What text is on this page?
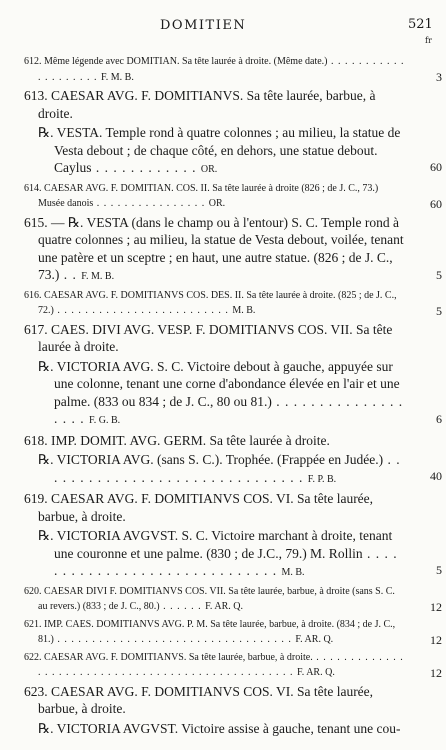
DOMITIEN	521
fr

612. Même légende avec DOMITIAN. Sa tête laurée à droite. (Même date.) . . . . . . . . . . . . . . . . . . . . F. M. B.	3

613. CAESAR AVG. F. DOMITIANVS. Sa tête laurée, barbue, à droite.

℞. VESTA. Temple rond à quatre colonnes ; au milieu, la statue de Vesta debout ; de chaque côté, en dehors, une statue debout. Caylus . . . . . . . . . . . . OR.	60

614. CAESAR AVG. F. DOMITIAN. COS. II. Sa tête laurée à droite (826 ; de J. C., 73.) Musée danois . . . . . . . . . . . . . . . . OR.	60

615. — ℞. VESTA (dans le champ ou à l'entour) S. C. Temple rond à quatre colonnes ; au milieu, la statue de Vesta debout, voilée, tenant une patère et un sceptre ; en haut, une autre statue. (826 ; de J. C., 73.) . . F. M. B.	5

616. CAESAR AVG. F. DOMITIANVS COS. DES. II. Sa tête laurée à droite. (825 ; de J. C., 72.) . . . . . . . . . . . . . . . . . . . . . . . . . M. B.	5

617. CAES. DIVI AVG. VESP. F. DOMITIANVS COS. VII. Sa tête laurée à droite.

℞. VICTORIA AVG. S. C. Victoire debout à gauche, appuyée sur une colonne, tenant une corne d'abondance élevée en l'air et une palme. (833 ou 834 ; de J. C., 80 ou 81.) . . . . . . . . . . . . . . . . . . . F. G. B.	6

618. IMP. DOMIT. AVG. GERM. Sa tête laurée à droite.

℞. VICTORIA AVG. (sans S. C.). Trophée. (Frappée en Judée.) . . . . . . . . . . . . . . . . . . . . . . . . . . . . . . . F. P. B.	40

619. CAESAR AVG. F. DOMITIANVS COS. VI. Sa tête laurée, barbue, à droite.

℞. VICTORIA AVGVST. S. C. Victoire marchant à droite, tenant une couronne et une palme. (830 ; de J.C., 79.) M. Rollin . . . . . . . . . . . . . . . . . . . . . . . . . . . . . . M. B.	5

620. CAESAR DIVI F. DOMITIANVS COS. VII. Sa tête laurée, barbue, à droite (sans S. C. au revers.) (833 ; de J. C., 80.) . . . . . . F. AR. Q.	12

621. IMP. CAES. DOMITIANVS AVG. P. M. Sa tête laurée, barbue, à droite. (834 ; de J. C., 81.) . . . . . . . . . . . . . . . . . . . . . . . . . . . . . . . . . . F. AR. Q.	12

622. CAESAR AVG. F. DOMITIANVS. Sa tête laurée, barbue, à droite. . . . . . . . . . . . . . . . . . . . . . . . . . . . . . . . . . . . . . . . . . . . . . . . . . . F. AR. Q.	12

623. CAESAR AVG. F. DOMITIANVS COS. VI. Sa tête laurée, barbue, à droite.

℞. VICTORIA AVGVST. Victoire assise à gauche, tenant une cou-
